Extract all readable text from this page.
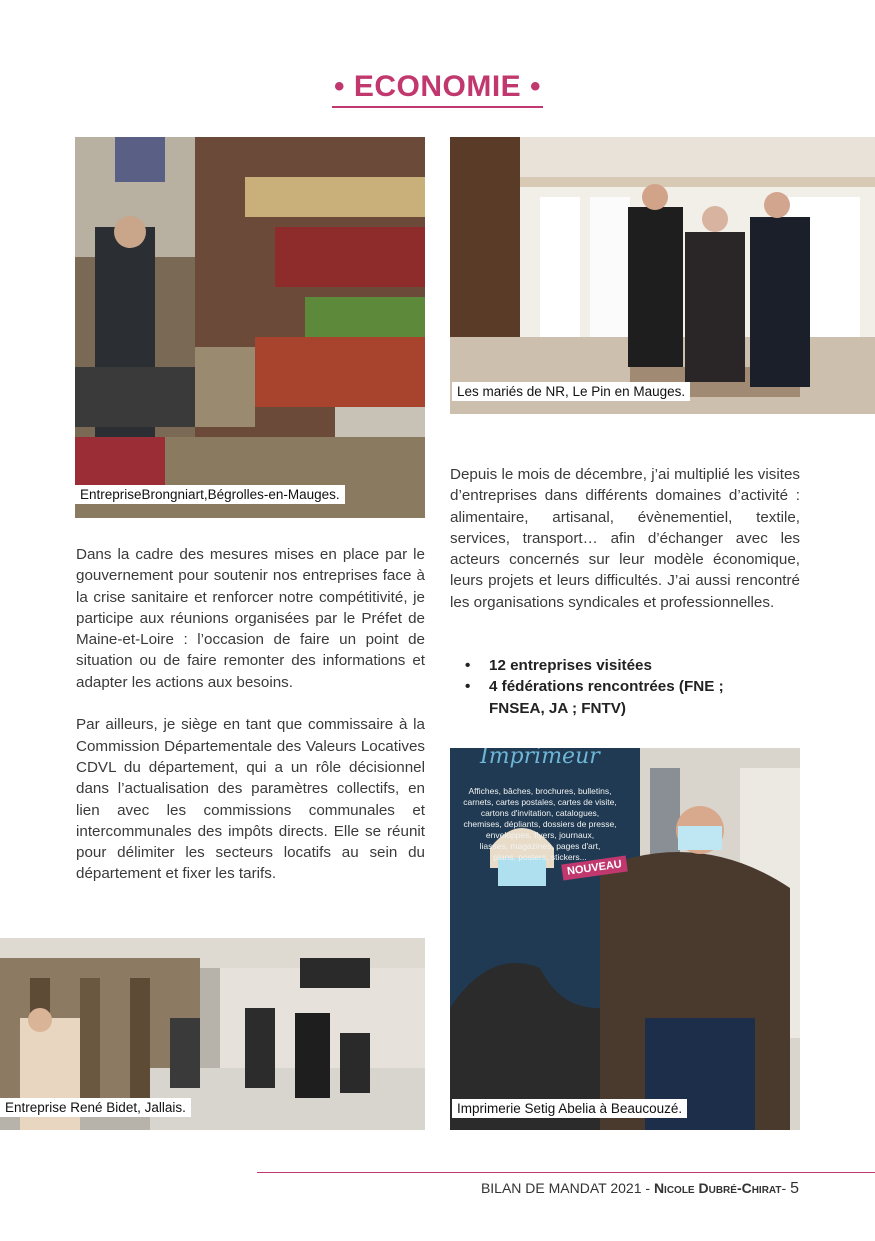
• ECONOMIE •
EntrepriseBrongniart,Bégrolles-en-Mauges.
Les mariés de NR, Le Pin en Mauges.

Depuis le mois de décembre, j’ai multiplié les visites d’entreprises dans différents domaines d’activité : alimentaire, artisanal, évènementiel, textile, services, transport… afin d’échanger avec les acteurs concernés sur leur modèle économique, leurs projets et leurs difficultés. J’ai aussi rencontré les organisations syndicales et professionnelles.

• 12 entreprises visitées
• 4 fédérations rencontrées (FNE ; FNSEA, JA ; FNTV)

Dans la cadre des mesures mises en place par le gouvernement pour soutenir nos entreprises face à la crise sanitaire et renforcer notre compétitivité, je participe aux réunions organisées par le Préfet de Maine-et-Loire : l’occasion de faire un point de situation ou de faire remonter des informations et adapter les actions aux besoins.

Par ailleurs, je siège en tant que commissaire à la Commission Départementale des Valeurs Locatives CDVL du département, qui a un rôle décisionnel dans l’actualisation des paramètres collectifs, en lien avec les commissions communales et intercommunales des impôts directs. Elle se réunit pour délimiter les secteurs locatifs au sein du département et fixer les tarifs.

Imprimeur
Affiches, bâches, brochures, bulletins,
carnets, cartes postales, cartes de visite,
cartons d'invitation, catalogues,
chemises, dépliants, dossiers de presse,
enveloppes, flyers, journaux,
liasses, magazines, pages d'art,
plans, posters, stickers...
NOUVEAU
Imprimerie Setig Abelia à Beaucouzé.
Entreprise René Bidet, Jallais.
BILAN DE MANDAT 2021 - Nicole Dubré-Chirat- 5
